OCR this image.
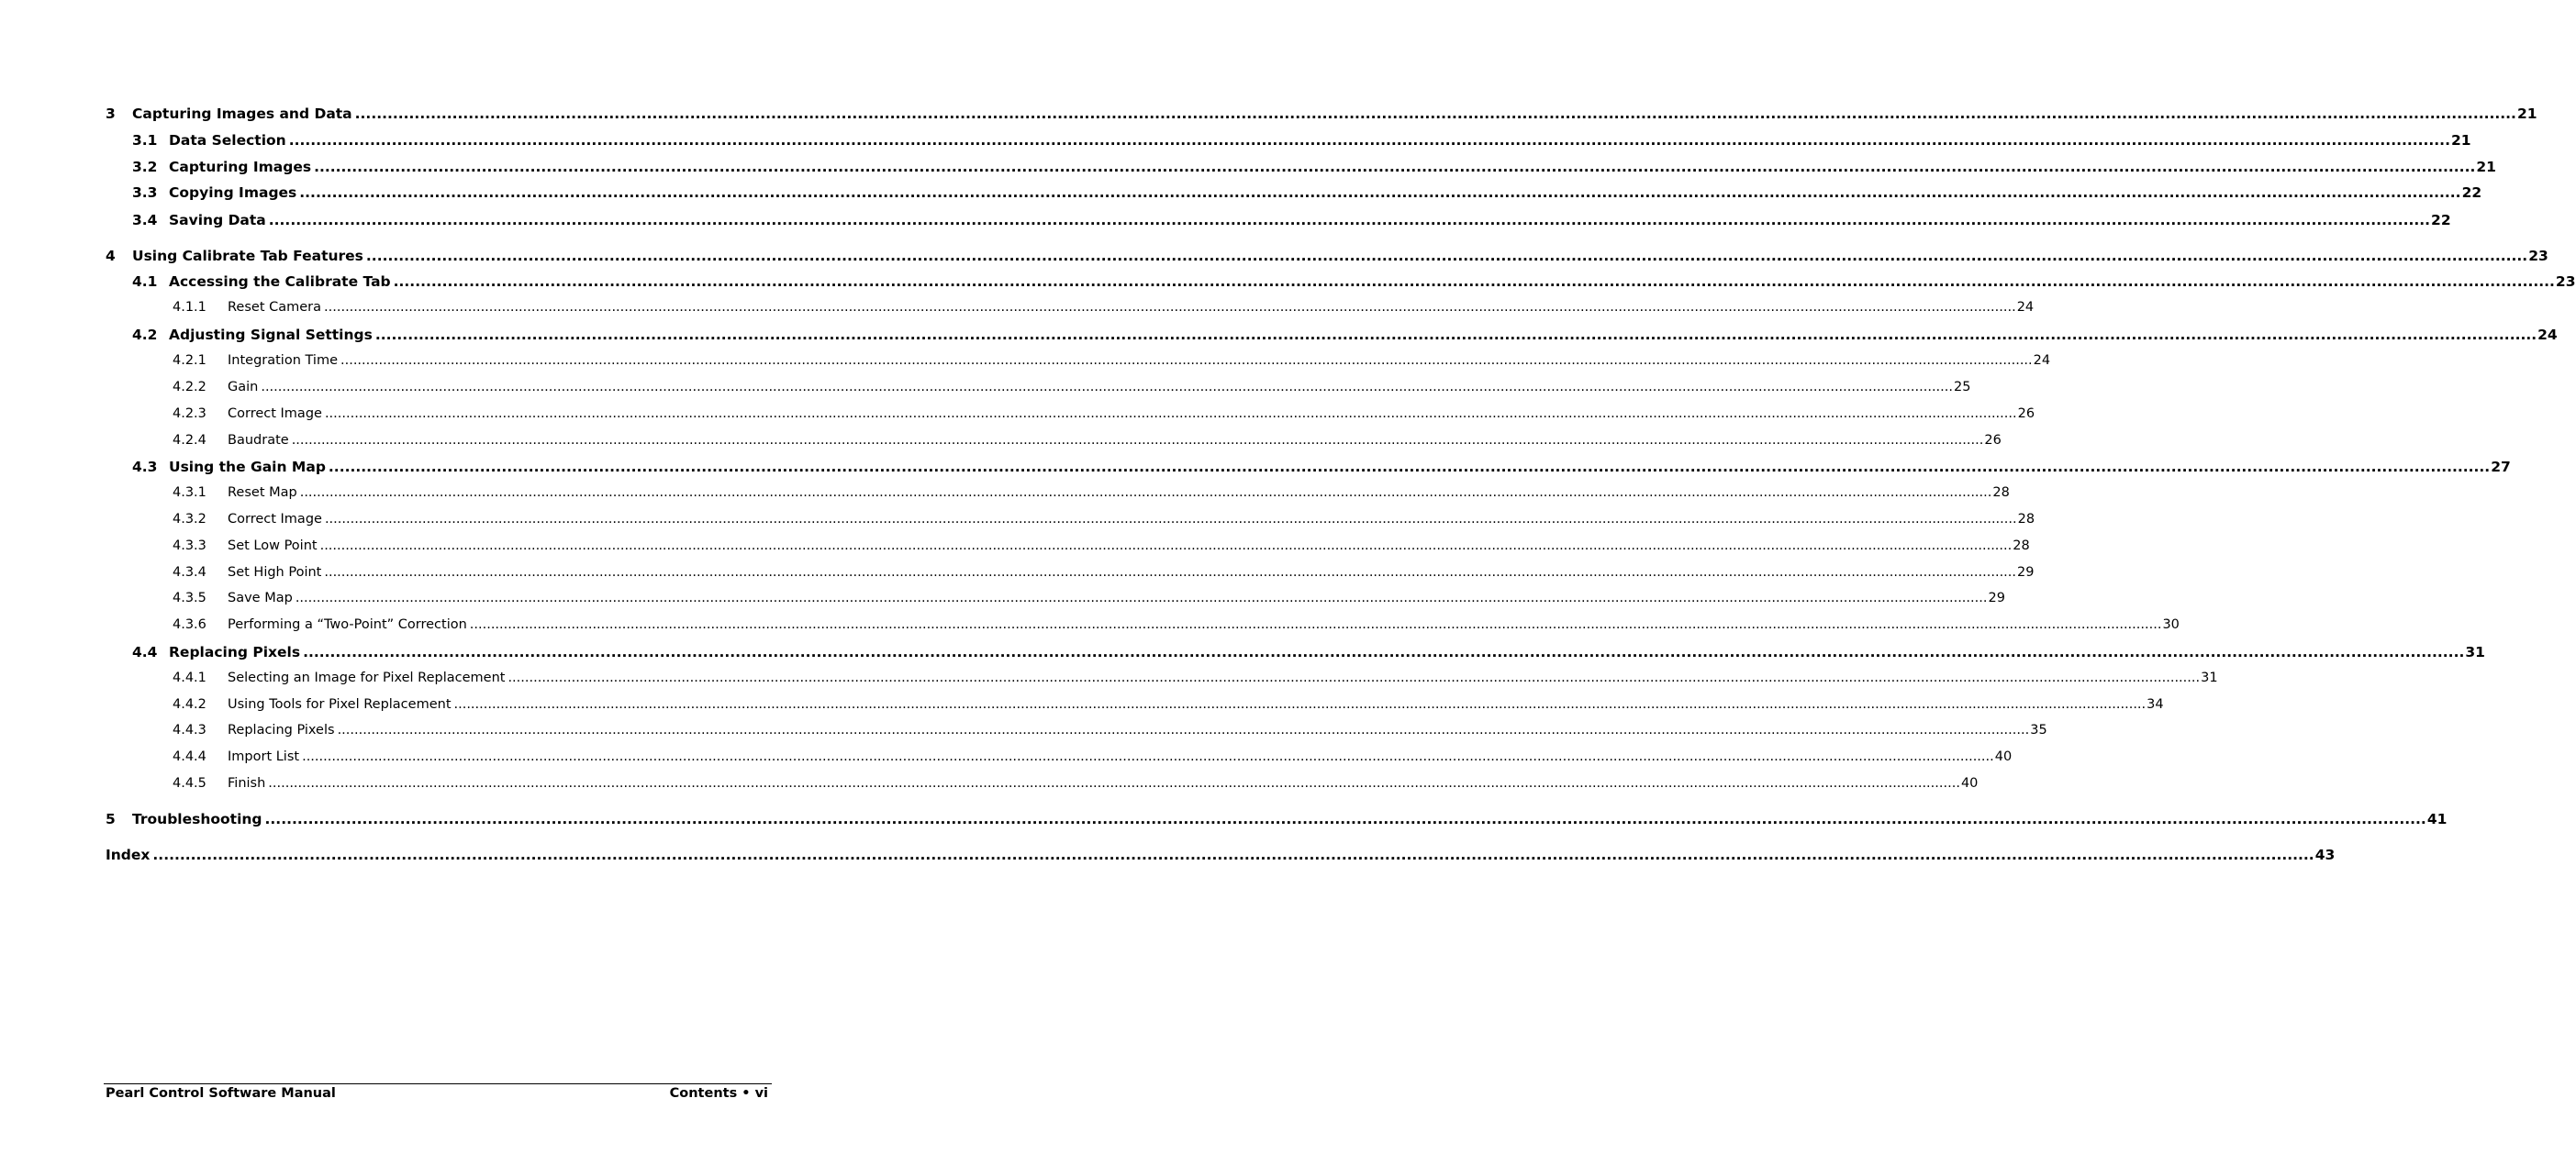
3	Capturing Images and Data ................................................................................................................................................................................................................................................................................................................................................................................................................ 21
3.1 Data Selection ................................................................................................................................................................................................................................................................................................................................................................................................................ 21
3.2 Capturing Images ................................................................................................................................................................................................................................................................................................................................................................................................................ 21
3.3 Copying Images ................................................................................................................................................................................................................................................................................................................................................................................................................ 22
3.4 Saving Data ................................................................................................................................................................................................................................................................................................................................................................................................................ 22
4	Using Calibrate Tab Features ................................................................................................................................................................................................................................................................................................................................................................................................................ 23
4.1 Accessing the Calibrate Tab ................................................................................................................................................................................................................................................................................................................................................................................................................ 23
4.1.1	Reset Camera ................................................................................................................................................................................................................................................................................................................................................................................................................ 24
4.2 Adjusting Signal Settings ................................................................................................................................................................................................................................................................................................................................................................................................................ 24
4.2.1	Integration Time ................................................................................................................................................................................................................................................................................................................................................................................................................ 24
4.2.2	Gain ................................................................................................................................................................................................................................................................................................................................................................................................................ 25
4.2.3	Correct Image ................................................................................................................................................................................................................................................................................................................................................................................................................ 26
4.2.4	Baudrate ................................................................................................................................................................................................................................................................................................................................................................................................................ 26
4.3 Using the Gain Map ................................................................................................................................................................................................................................................................................................................................................................................................................ 27
4.3.1	Reset Map ................................................................................................................................................................................................................................................................................................................................................................................................................ 28
4.3.2	Correct Image ................................................................................................................................................................................................................................................................................................................................................................................................................ 28
4.3.3	Set Low Point ................................................................................................................................................................................................................................................................................................................................................................................................................ 28
4.3.4	Set High Point ................................................................................................................................................................................................................................................................................................................................................................................................................ 29
4.3.5	Save Map ................................................................................................................................................................................................................................................................................................................................................................................................................ 29
4.3.6	Performing a “Two-Point” Correction ................................................................................................................................................................................................................................................................................................................................................................................................................ 30
4.4 Replacing Pixels ................................................................................................................................................................................................................................................................................................................................................................................................................ 31
4.4.1	Selecting an Image for Pixel Replacement ................................................................................................................................................................................................................................................................................................................................................................................................................ 31
4.4.2	Using Tools for Pixel Replacement ................................................................................................................................................................................................................................................................................................................................................................................................................ 34
4.4.3	Replacing Pixels ................................................................................................................................................................................................................................................................................................................................................................................................................ 35
4.4.4	Import List ................................................................................................................................................................................................................................................................................................................................................................................................................ 40
4.4.5	Finish ................................................................................................................................................................................................................................................................................................................................................................................................................ 40
5	Troubleshooting ................................................................................................................................................................................................................................................................................................................................................................................................................ 41
Index ................................................................................................................................................................................................................................................................................................................................................................................................................ 43
Pearl Control Software Manual	Contents • vi
